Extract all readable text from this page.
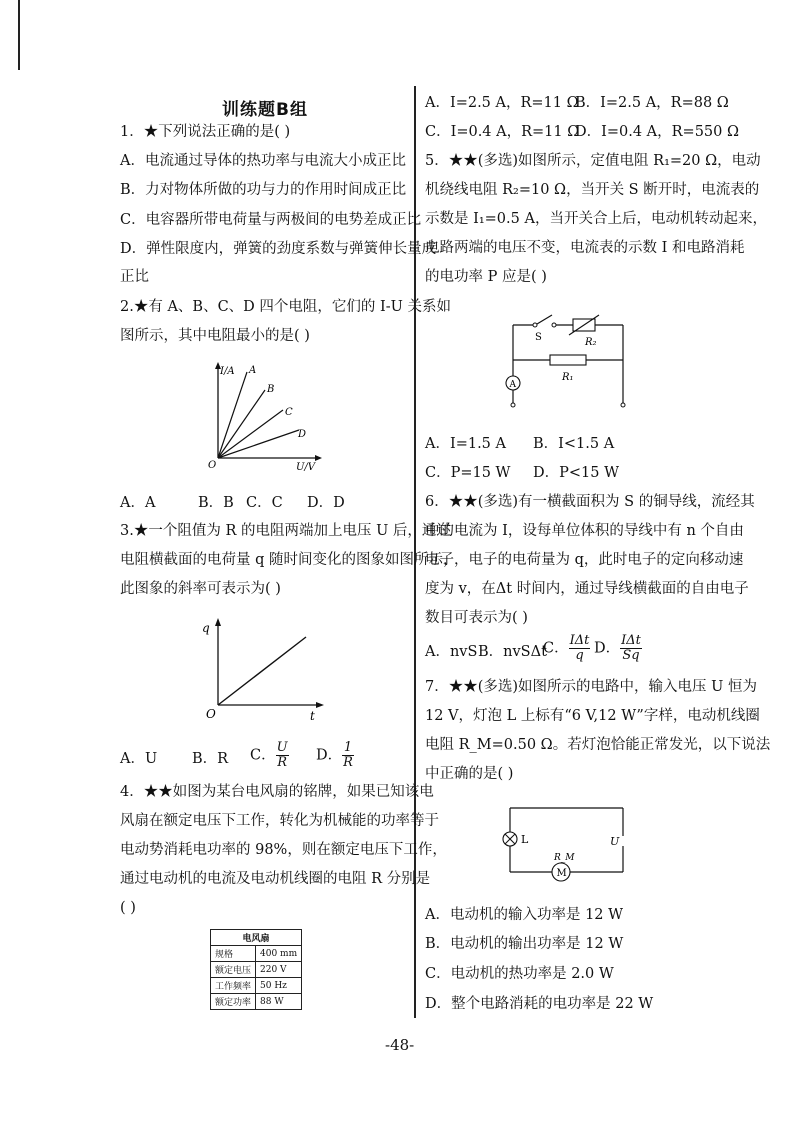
训练题B组
1．★下列说法正确的是( )
A．电流通过导体的热功率与电流大小成正比
B．力对物体所做的功与力的作用时间成正比
C．电容器所带电荷量与两极间的电势差成正比
D．弹性限度内，弹簧的劲度系数与弹簧伸长量成
正比
2.★有 A、B、C、D 四个电阻，它们的 I-U 关系如
图所示，其中电阻最小的是( )
I/A A
B
C
D
O	U/V
A．A	B．B C．C D．D
3.★一个阻值为 R 的电阻两端加上电压 U 后，通过
电阻横截面的电荷量 q 随时间变化的图象如图所示，
此图象的斜率可表示为( )
q
O	t
A．U B．R C． $\frac{U}{R}$ D． $\frac{1}{R}$
4．★★如图为某台电风扇的铭牌，如果已知该电
风扇在额定电压下工作，转化为机械能的功率等于
电动势消耗电功率的 98%，则在额定电压下工作，
通过电动机的电流及电动机线圈的电阻 R 分别是
( )
电风扇	
规格	400 mm
额定电压	220 V
工作频率	50 Hz
额定功率	88 W
A．I=2.5 A，R=11 Ω
B．I=2.5 A，R=88 Ω
C．I=0.4 A，R=11 Ω
D．I=0.4 A，R=550 Ω
5．★★(多选)如图所示，定值电阻 R₁=20 Ω，电动
机绕线电阻 R₂=10 Ω，当开关 S 断开时，电流表的
示数是 I₁=0.5 A，当开关合上后，电动机转动起来，
电路两端的电压不变，电流表的示数 I 和电路消耗
的电功率 P 应是( )
S	R₂
R₁
A
A．I=1.5 A B．I<1.5 A
C．P=15 W D．P<15 W
6．★★(多选)有一横截面积为 S 的铜导线，流经其
中的电流为 I，设每单位体积的导线中有 n 个自由
电子，电子的电荷量为 q，此时电子的定向移动速
度为 v，在Δt 时间内，通过导线横截面的自由电子
数目可表示为( )
A．nvS B．nvSΔt
C． $\frac{\text{IΔt}}{q}$ D． $\frac{\text{IΔt}}{Sq}$
7．★★(多选)如图所示的电路中，输入电压 U 恒为
12 V，灯泡 L 上标有“6 V,12 W”字样，电动机线圈
电阻 R_M=0.50 Ω。若灯泡恰能正常发光，以下说法
中正确的是( )
L	U
R_M
M
A．电动机的输入功率是 12 W
B．电动机的输出功率是 12 W
C．电动机的热功率是 2.0 W
D．整个电路消耗的电功率是 22 W
-48-
